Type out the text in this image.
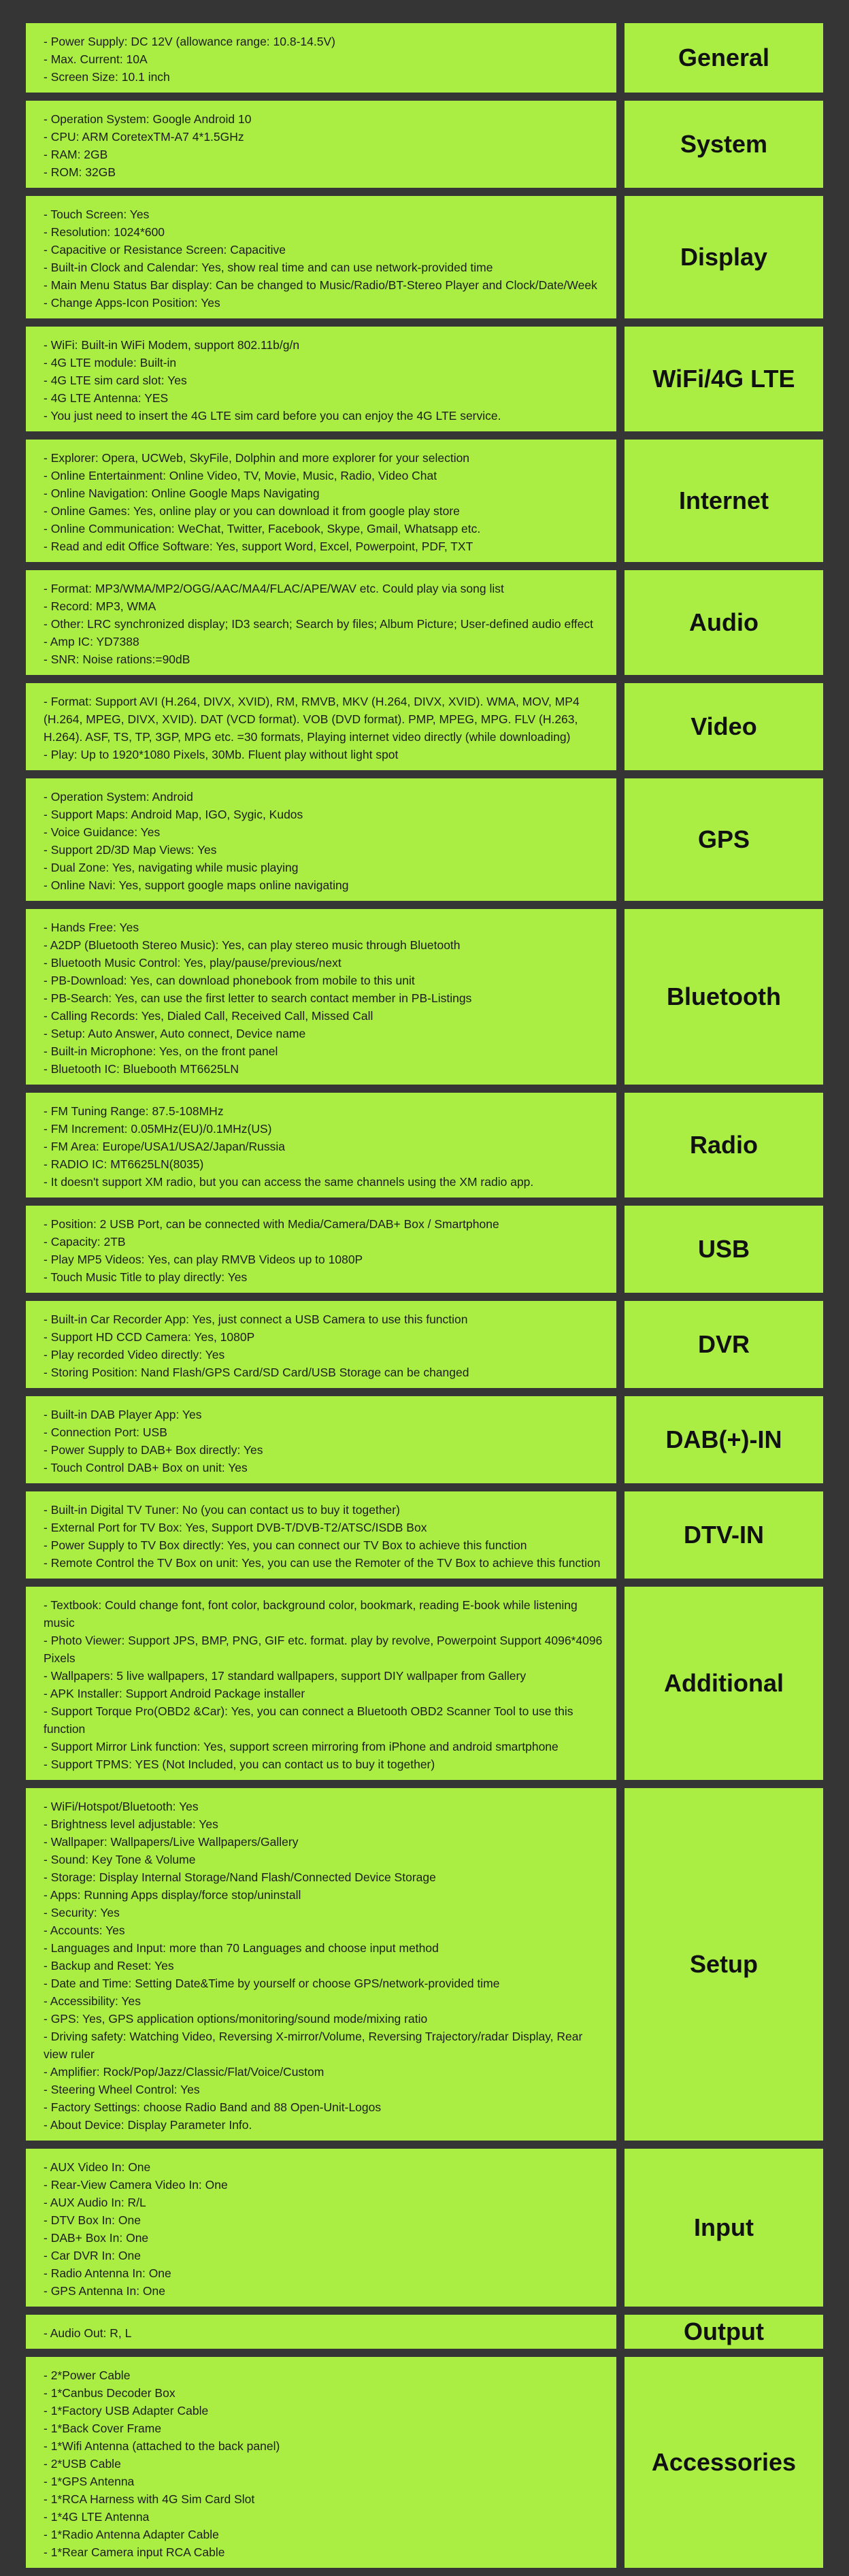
- Power Supply: DC 12V (allowance range: 10.8-14.5V)
- Max. Current: 10A
- Screen Size: 10.1 inch
General
- Operation System: Google Android 10
- CPU: ARM CoretexTM-A7 4*1.5GHz
- RAM: 2GB
- ROM: 32GB
System
- Touch Screen: Yes
- Resolution: 1024*600
- Capacitive or Resistance Screen: Capacitive
- Built-in Clock and Calendar: Yes, show real time and can use network-provided time
- Main Menu Status Bar display: Can be changed to Music/Radio/BT-Stereo Player and Clock/Date/Week
- Change Apps-Icon Position: Yes
Display
- WiFi: Built-in WiFi Modem, support 802.11b/g/n
- 4G LTE module: Built-in
- 4G LTE sim card slot: Yes
- 4G LTE Antenna: YES
- You just need to insert the 4G LTE sim card before you can enjoy the 4G LTE service.
WiFi/4G LTE
- Explorer: Opera, UCWeb, SkyFile, Dolphin and more explorer for your selection
- Online Entertainment: Online Video, TV, Movie, Music, Radio, Video Chat
- Online Navigation: Online Google Maps Navigating
- Online Games: Yes, online play or you can download it from google play store
- Online Communication: WeChat, Twitter, Facebook, Skype, Gmail, Whatsapp etc.
- Read and edit Office Software: Yes, support Word, Excel, Powerpoint, PDF, TXT
Internet
- Format: MP3/WMA/MP2/OGG/AAC/MA4/FLAC/APE/WAV etc. Could play via song list
- Record: MP3, WMA
- Other: LRC synchronized display; ID3 search; Search by files; Album Picture; User-defined audio effect
- Amp IC: YD7388
- SNR: Noise rations:=90dB
Audio
- Format: Support AVI (H.264, DIVX, XVID), RM, RMVB, MKV (H.264, DIVX, XVID). WMA, MOV, MP4 (H.264, MPEG, DIVX, XVID). DAT (VCD format). VOB (DVD format). PMP, MPEG, MPG. FLV (H.263, H.264). ASF, TS, TP, 3GP, MPG etc. =30 formats, Playing internet video directly (while downloading)
- Play: Up to 1920*1080 Pixels, 30Mb. Fluent play without light spot
Video
- Operation System: Android
- Support Maps: Android Map, IGO, Sygic, Kudos
- Voice Guidance: Yes
- Support 2D/3D Map Views: Yes
- Dual Zone: Yes, navigating while music playing
- Online Navi: Yes, support google maps online navigating
GPS
- Hands Free: Yes
- A2DP (Bluetooth Stereo Music): Yes, can play stereo music through Bluetooth
- Bluetooth Music Control: Yes, play/pause/previous/next
- PB-Download: Yes, can download phonebook from mobile to this unit
- PB-Search: Yes, can use the first letter to search contact member in PB-Listings
- Calling Records: Yes, Dialed Call, Received Call, Missed Call
- Setup: Auto Answer, Auto connect, Device name
- Built-in Microphone: Yes, on the front panel
- Bluetooth IC: Bluebooth MT6625LN
Bluetooth
- FM Tuning Range: 87.5-108MHz
- FM Increment: 0.05MHz(EU)/0.1MHz(US)
- FM Area: Europe/USA1/USA2/Japan/Russia
- RADIO IC: MT6625LN(8035)
- It doesn't support XM radio, but you can access the same channels using the XM radio app.
Radio
- Position: 2 USB Port, can be connected with Media/Camera/DAB+ Box / Smartphone
- Capacity: 2TB
- Play MP5 Videos: Yes, can play RMVB Videos up to 1080P
- Touch Music Title to play directly: Yes
USB
- Built-in Car Recorder App: Yes, just connect a USB Camera to use this function
- Support HD CCD Camera: Yes, 1080P
- Play recorded Video directly: Yes
- Storing Position: Nand Flash/GPS Card/SD Card/USB Storage can be changed
DVR
- Built-in DAB Player App: Yes
- Connection Port: USB
- Power Supply to DAB+ Box directly: Yes
- Touch Control DAB+ Box on unit: Yes
DAB(+)-IN
- Built-in Digital TV Tuner: No (you can contact us to buy it together)
- External Port for TV Box: Yes, Support DVB-T/DVB-T2/ATSC/ISDB Box
- Power Supply to TV Box directly: Yes, you can connect our TV Box to achieve this function
- Remote Control the TV Box on unit: Yes, you can use the Remoter of the TV Box to achieve this function
DTV-IN
- Textbook: Could change font, font color, background color, bookmark, reading E-book while listening music
- Photo Viewer: Support JPS, BMP, PNG, GIF etc. format. play by revolve, Powerpoint Support 4096*4096 Pixels
- Wallpapers: 5 live wallpapers, 17 standard wallpapers, support DIY wallpaper from Gallery
- APK Installer: Support Android Package installer
- Support Torque Pro(OBD2 &Car): Yes, you can connect a Bluetooth OBD2 Scanner Tool to use this function
- Support Mirror Link function: Yes, support screen mirroring from iPhone and android smartphone
- Support TPMS: YES (Not Included, you can contact us to buy it together)
Additional
- WiFi/Hotspot/Bluetooth: Yes
- Brightness level adjustable: Yes
- Wallpaper: Wallpapers/Live Wallpapers/Gallery
- Sound: Key Tone & Volume
- Storage: Display Internal Storage/Nand Flash/Connected Device Storage
- Apps: Running Apps display/force stop/uninstall
- Security: Yes
- Accounts: Yes
- Languages and Input: more than 70 Languages and choose input method
- Backup and Reset: Yes
- Date and Time: Setting Date&Time by yourself or choose GPS/network-provided time
- Accessibility: Yes
- GPS: Yes, GPS application options/monitoring/sound mode/mixing ratio
- Driving safety: Watching Video, Reversing X-mirror/Volume, Reversing Trajectory/radar Display, Rear view ruler
- Amplifier: Rock/Pop/Jazz/Classic/Flat/Voice/Custom
- Steering Wheel Control: Yes
- Factory Settings: choose Radio Band and 88 Open-Unit-Logos
- About Device: Display Parameter Info.
Setup
- AUX Video In: One
- Rear-View Camera Video In: One
- AUX Audio In: R/L
- DTV Box In: One
- DAB+ Box In: One
- Car DVR In: One
- Radio Antenna In: One
- GPS Antenna In: One
Input
- Audio Out: R, L	Output
- 2*Power Cable
- 1*Canbus Decoder Box
- 1*Factory USB Adapter Cable
- 1*Back Cover Frame
- 1*Wifi Antenna (attached to the back panel)
- 2*USB Cable
- 1*GPS Antenna
- 1*RCA Harness with 4G Sim Card Slot
- 1*4G LTE Antenna
- 1*Radio Antenna Adapter Cable
- 1*Rear Camera input RCA Cable
Accessories
